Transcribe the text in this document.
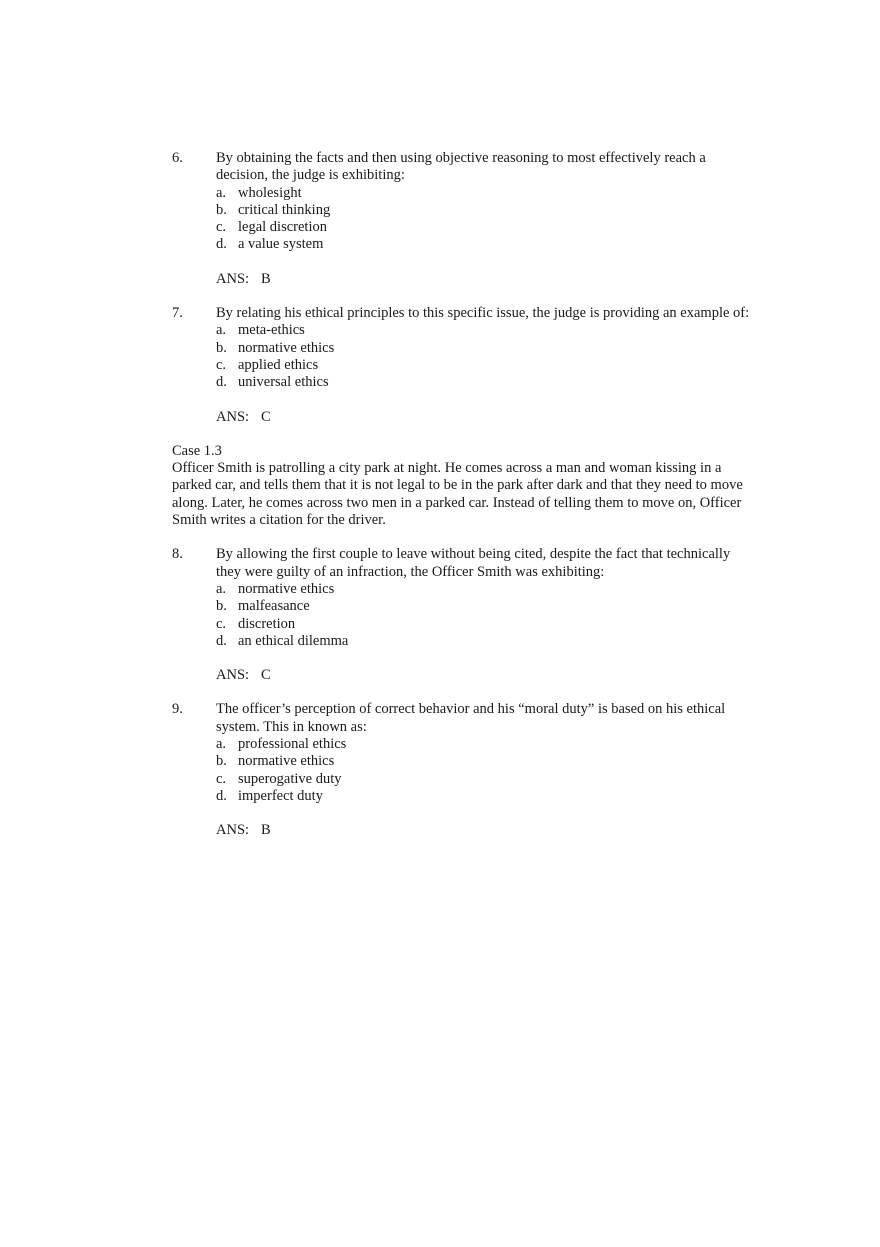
6. By obtaining the facts and then using objective reasoning to most effectively reach a decision, the judge is exhibiting:

a. wholesight
b. critical thinking
c. legal discretion
d. a value system
ANS: B
7. By relating his ethical principles to this specific issue, the judge is providing an example of:

a. meta-ethics
b. normative ethics
c. applied ethics
d. universal ethics
ANS: C
Case 1.3
Officer Smith is patrolling a city park at night. He comes across a man and woman kissing in a parked car, and tells them that it is not legal to be in the park after dark and that they need to move along. Later, he comes across two men in a parked car. Instead of telling them to move on, Officer Smith writes a citation for the driver.
8. By allowing the first couple to leave without being cited, despite the fact that technically they were guilty of an infraction, the Officer Smith was exhibiting:

a. normative ethics
b. malfeasance
c. discretion
d. an ethical dilemma
ANS: C
9. The officer’s perception of correct behavior and his “moral duty” is based on his ethical system. This in known as:

a. professional ethics
b. normative ethics
c. superogative duty
d. imperfect duty
ANS: B
